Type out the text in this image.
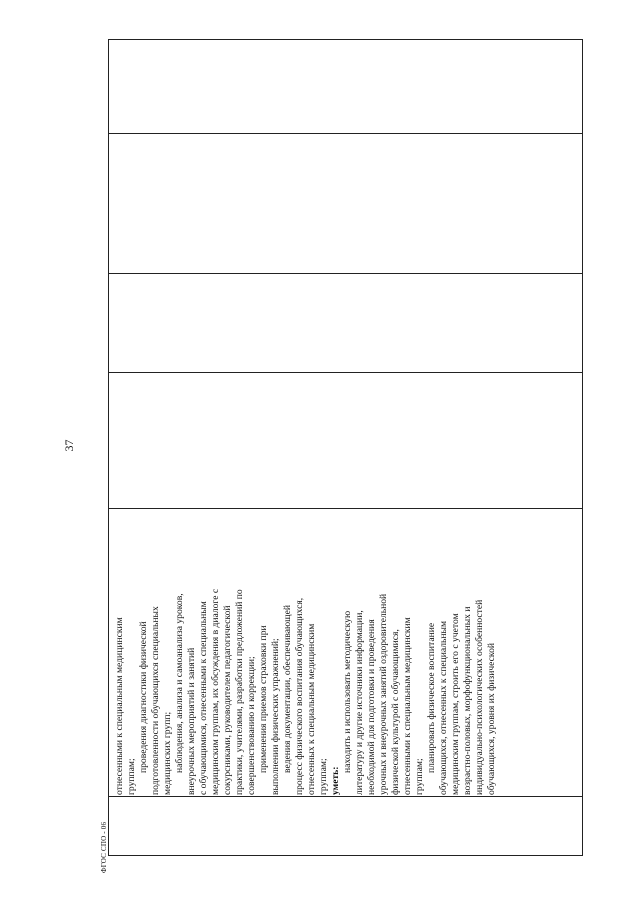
37
ФГОС СПО - 06
отнесенными к специальным медицинским группам;
проведения диагностики физической подготовленности обучающихся специальных медицинских групп; наблюдения, анализа и самоанализа уроков, внеурочных мероприятий и занятий с обучающимися, отнесенными к специальным медицинским группам, их обсуждения в диалоге с сокурсниками, руководителем педагогической практики, учителями, разработки предложений по совершенствованию и коррекции; применения приемов страховки при выполнении физических упражнений; ведения документации, обеспечивающей процесс физического воспитания обучающихся, отнесенных к специальным медицинским группам; уметь:
находить и использовать методическую литературу и другие источники информации, необходимой для подготовки и проведения урочных и внеурочных занятий оздоровительной физической культурой с обучающимися, отнесенными к специальным медицинским группам;
планировать физическое воспитание обучающихся, отнесенных к специальным медицинским группам, строить его с учетом возрастно-половых, морфофункциональных и индивидуально-психологических особенностей обучающихся, уровня их физической
